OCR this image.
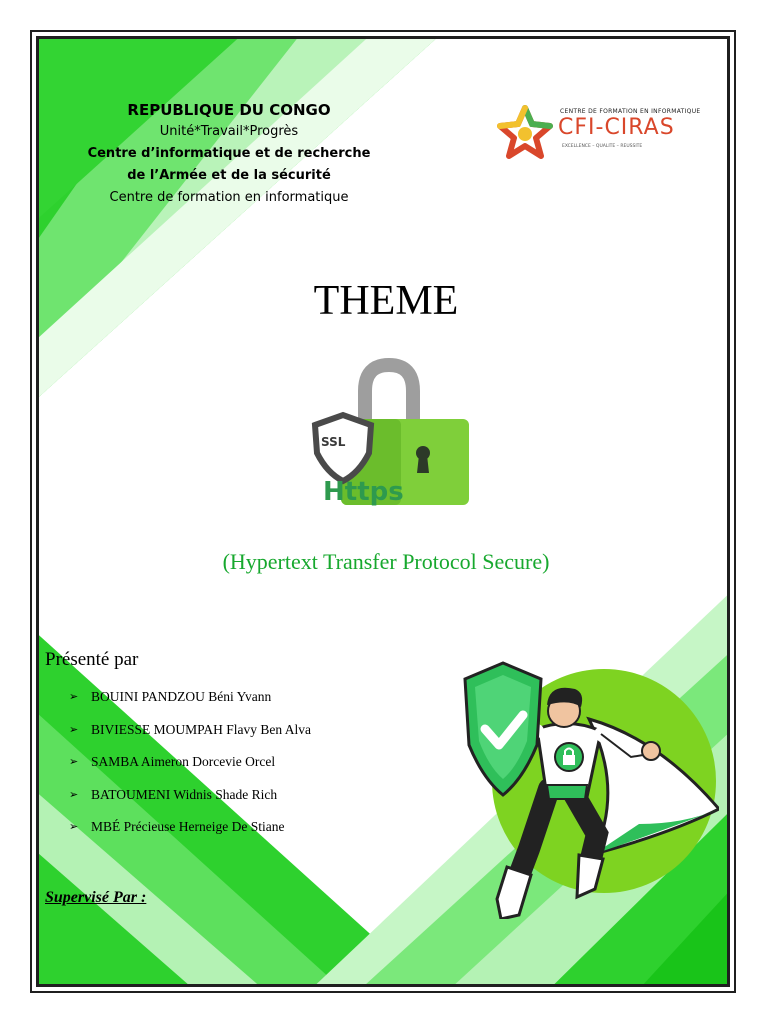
REPUBLIQUE DU CONGO
Unité*Travail*Progrès
Centre d’informatique et de recherche
de l’Armée et de la sécurité
Centre de formation en informatique
CENTRE DE FORMATION EN INFORMATIQUE
CFI-CIRAS
EXCELLENCE – QUALITE – REUSSITE
THEME
SSL
Https
(Hypertext Transfer Protocol Secure)
Présenté par
➢ BOUINI PANDZOU Béni Yvann
➢ BIVIESSE MOUMPAH Flavy Ben Alva
➢ SAMBA Aimeron Dorcevie Orcel
➢ BATOUMENI Widnis Shade Rich
➢ MBÉ Précieuse Herneige De Stiane
Supervisé Par :
